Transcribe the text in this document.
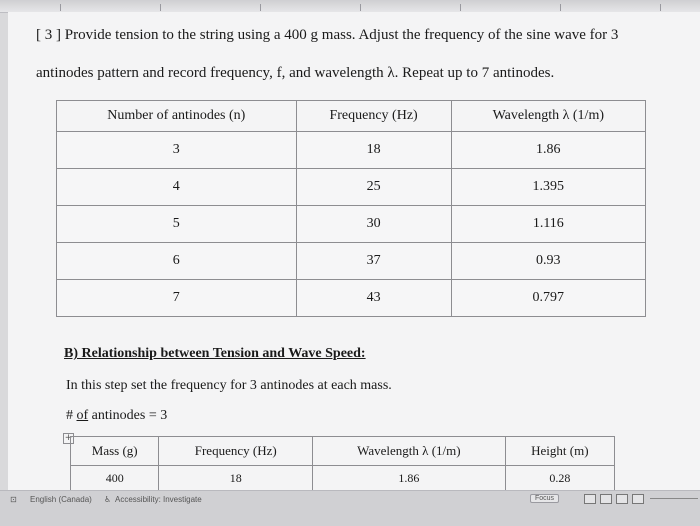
[ 3 ] Provide tension to the string using a 400 g mass. Adjust the frequency of the sine wave for 3
antinodes pattern and record frequency, f, and wavelength λ. Repeat up to 7 antinodes.
Number of antinodes (n)	Frequency (Hz)	Wavelength λ (1/m)
3	18	1.86
4	25	1.395
5	30	1.116
6	37	0.93
7	43	0.797
B) Relationship between Tension and Wave Speed:
In this step set the frequency for 3 antinodes at each mass.
# of antinodes = 3
+
Mass (g)	Frequency (Hz)	Wavelength λ (1/m)	Height (m)
400	18	1.86	0.28
⊡ English (Canada) ♿ Accessibility: Investigate	Focus
